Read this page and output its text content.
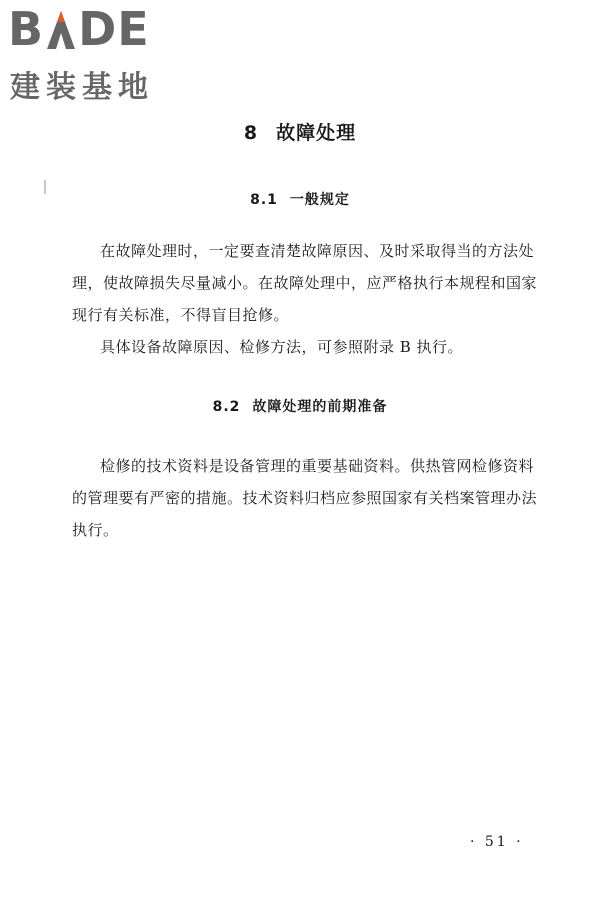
B DE
建装基地
8 故障处理
8.1 一般规定
在故障处理时，一定要查清楚故障原因、及时采取得当的方法处理，使故障损失尽量减小。在故障处理中，应严格执行本规程和国家现行有关标准，不得盲目抢修。
具体设备故障原因、检修方法，可参照附录 B 执行。
8.2 故障处理的前期准备
检修的技术资料是设备管理的重要基础资料。供热管网检修资料的管理要有严密的措施。技术资料归档应参照国家有关档案管理办法执行。
· 51 ·
